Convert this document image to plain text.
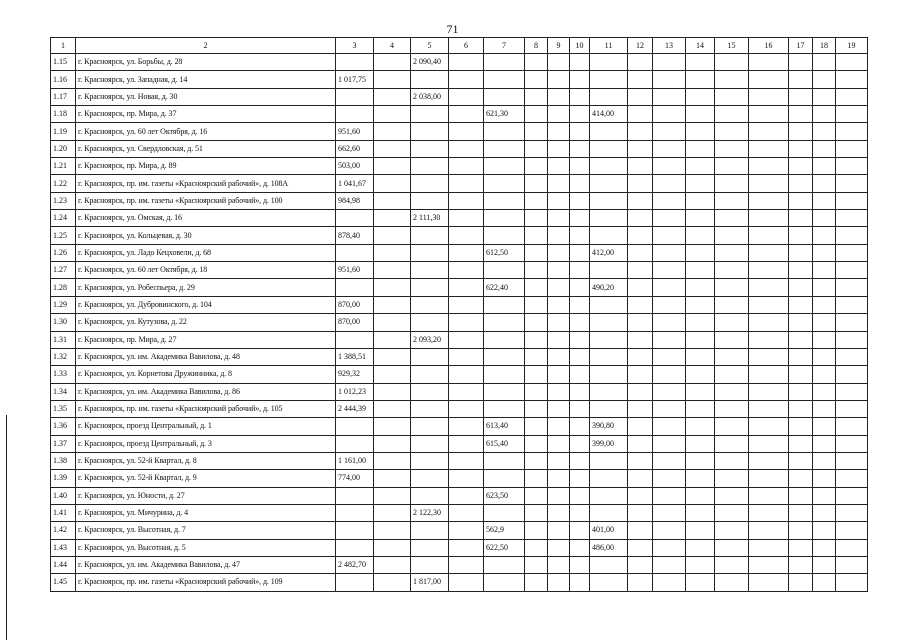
71
1	2	3	4	5	6	7	8	9	10	11	12	13	14	15	16	17	18	19
1.15	г. Красноярск, ул. Борьбы, д. 28			2 090,40														
1.16	г. Красноярск, ул. Западная, д. 14	1 017,75																
1.17	г. Красноярск, ул. Новая, д. 30			2 038,00														
1.18	г. Красноярск, пр. Мира, д. 37					621,30				414,00								
1.19	г. Красноярск, ул. 60 лет Октября, д. 16	951,60																
1.20	г. Красноярск, ул. Свердловская, д. 51	662,60																
1.21	г. Красноярск, пр. Мира, д. 89	503,00																
1.22	г. Красноярск, пр. им. газеты «Красноярский рабочий», д. 108А	1 041,67																
1.23	г. Красноярск, пр. им. газеты «Красноярский рабочий», д. 100	984,98																
1.24	г. Красноярск, ул. Омская, д. 16			2 111,30														
1.25	г. Красноярск, ул. Кольцевая, д. 30	878,40																
1.26	г. Красноярск, ул. Ладо Кецховели, д. 68					612,50				412,00								
1.27	г. Красноярск, ул. 60 лет Октября, д. 18	951,60																
1.28	г. Красноярск, ул. Робеспьера, д. 29					622,40				490,20								
1.29	г. Красноярск, ул. Дубровинского, д. 104	870,00																
1.30	г. Красноярск, ул. Кутузова, д. 22	870,00																
1.31	г. Красноярск, пр. Мира, д. 27			2 093,20														
1.32	г. Красноярск, ул. им. Академика Вавилова, д. 48	1 388,51																
1.33	г. Красноярск, ул. Корнетова Дружинника, д. 8	929,32																
1.34	г. Красноярск, ул. им. Академика Вавилова, д. 86	1 012,23																
1.35	г. Красноярск, пр. им. газеты «Красноярский рабочий», д. 105	2 444,39																
1.36	г. Красноярск, проезд Центральный, д. 1					613,40				390,80								
1.37	г. Красноярск, проезд Центральный, д. 3					615,40				399,00								
1.38	г. Красноярск, ул. 52-й Квартал, д. 8	1 161,00																
1.39	г. Красноярск, ул. 52-й Квартал, д. 9	774,00																
1.40	г. Красноярск, ул. Юности, д. 27					623,50												
1.41	г. Красноярск, ул. Мичурина, д. 4			2 122,30														
1.42	г. Красноярск, ул. Высотная, д. 7					562,9				401,00								
1.43	г. Красноярск, ул. Высотная, д. 5					622,50				486,00								
1.44	г. Красноярск, ул. им. Академика Вавилова, д. 47	2 482,70																
1.45	г. Красноярск, пр. им. газеты «Красноярский рабочий», д. 109			1 817,00														
